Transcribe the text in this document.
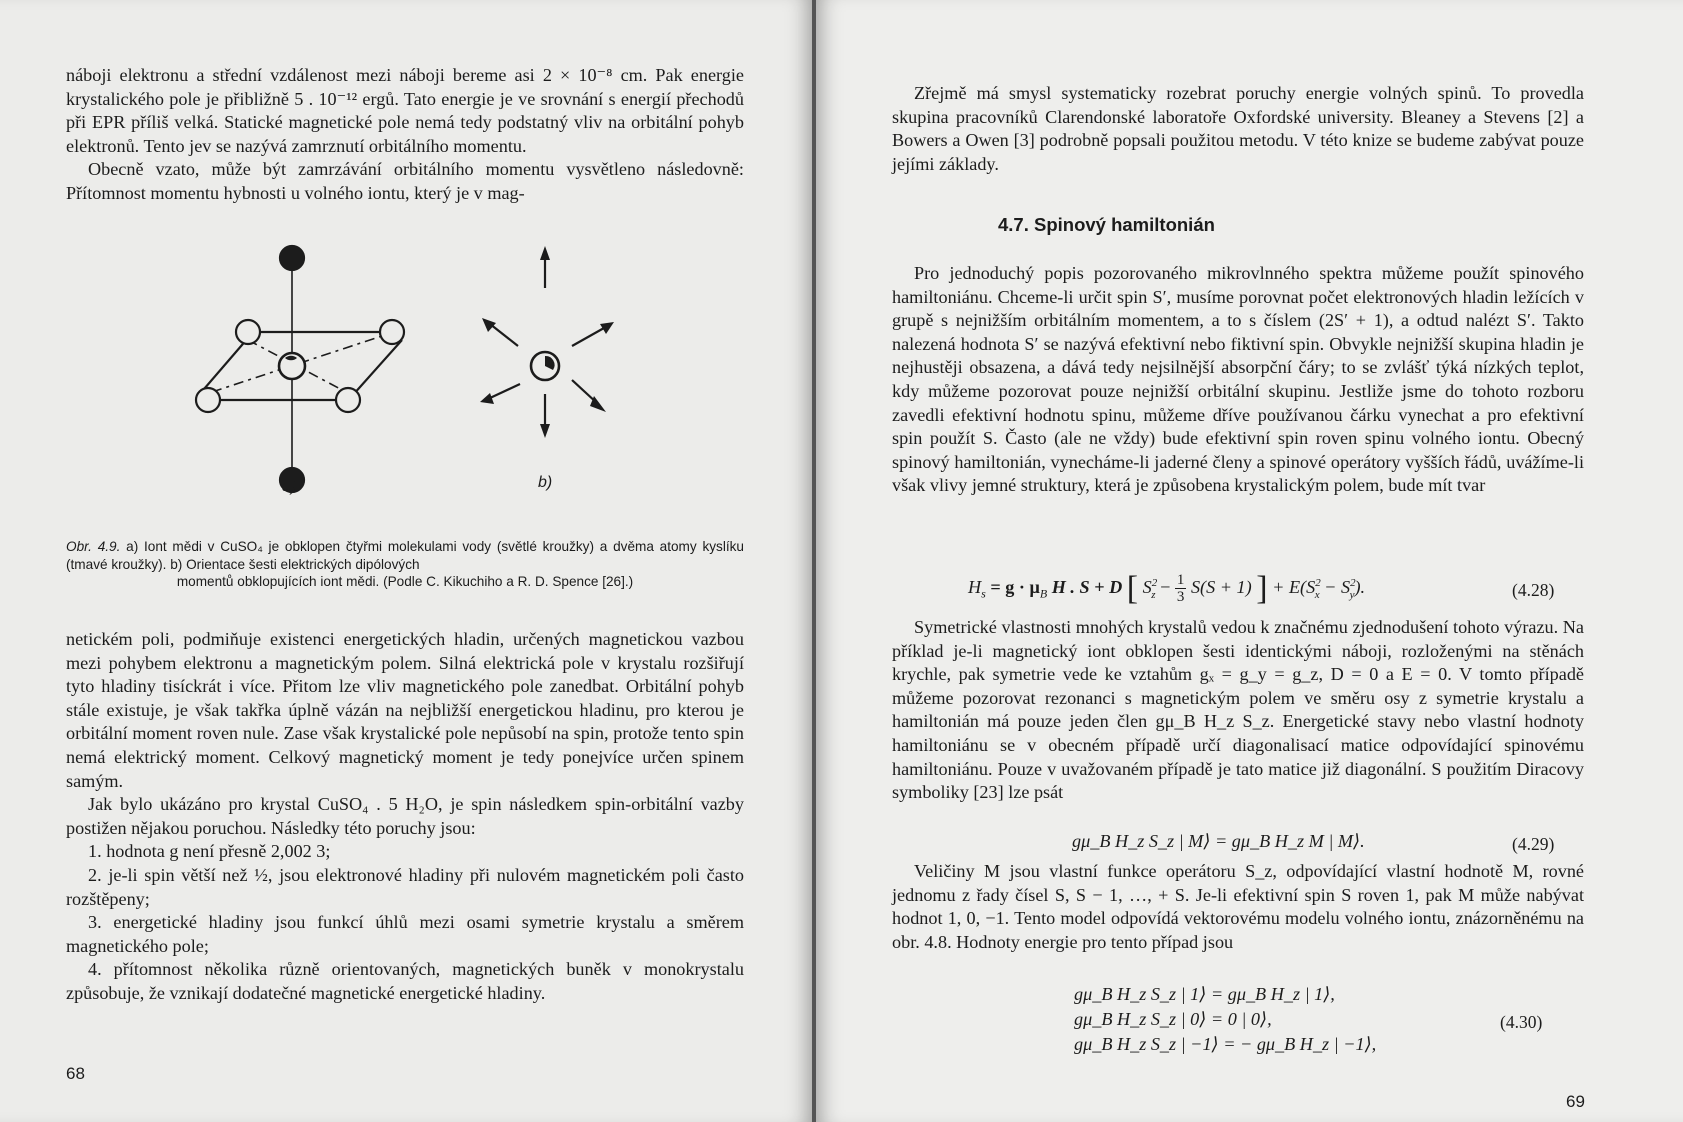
náboji elektronu a střední vzdálenost mezi náboji bereme asi 2 × 10⁻⁸ cm. Pak energie krystalického pole je přibližně 5 . 10⁻¹² ergů. Tato energie je ve srovnání s energií přechodů při EPR příliš velká. Statické magnetické pole nemá tedy podstatný vliv na orbitální pohyb elektronů. Tento jev se nazývá zamrznutí orbitálního momentu.

Obecně vzato, může být zamrzávání orbitálního momentu vysvětleno následovně: Přítomnost momentu hybnosti u volného iontu, který je v mag-

a)	b)
Obr. 4.9. a) Iont mědi v CuSO₄ je obklopen čtyřmi molekulami vody (světlé kroužky) a dvěma atomy kyslíku (tmavé kroužky). b) Orientace šesti elektrických dipólových
momentů obklopujících iont mědi. (Podle C. Kikuchiho a R. D. Spence [26].)

netickém poli, podmiňuje existenci energetických hladin, určených magnetickou vazbou mezi pohybem elektronu a magnetickým polem. Silná elektrická pole v krystalu rozšiřují tyto hladiny tisíckrát i více. Přitom lze vliv magnetického pole zanedbat. Orbitální pohyb stále existuje, je však takřka úplně vázán na nejbližší energetickou hladinu, pro kterou je orbitální moment roven nule. Zase však krystalické pole nepůsobí na spin, protože tento spin nemá elektrický moment. Celkový magnetický moment je tedy ponejvíce určen spinem samým.

Jak bylo ukázáno pro krystal CuSO₄ . 5 H₂O, je spin následkem spin-orbitální vazby postižen nějakou poruchou. Následky této poruchy jsou:

1. hodnota g není přesně 2,002 3;

2. je-li spin větší než ½, jsou elektronové hladiny při nulovém magnetickém poli často rozštěpeny;

3. energetické hladiny jsou funkcí úhlů mezi osami symetrie krystalu a směrem magnetického pole;

4. přítomnost několika různě orientovaných, magnetických buněk v monokrystalu způsobuje, že vznikají dodatečné magnetické energetické hladiny.

68

Zřejmě má smysl systematicky rozebrat poruchy energie volných spinů. To provedla skupina pracovníků Clarendonské laboratoře Oxfordské university. Bleaney a Stevens [2] a Bowers a Owen [3] podrobně popsali použitou metodu. V této knize se budeme zabývat pouze jejími základy.

4.7. Spinový hamiltonián

Pro jednoduchý popis pozorovaného mikrovlnného spektra můžeme použít spinového hamiltoniánu. Chceme-li určit spin S′, musíme porovnat počet elektronových hladin ležících v grupě s nejnižším orbitálním momentem, a to s číslem (2S′ + 1), a odtud nalézt S′. Takto nalezená hodnota S′ se nazývá efektivní nebo fiktivní spin. Obvykle nejnižší skupina hladin je nejhustěji obsazena, a dává tedy nejsilnější absorpční čáry; to se zvlášť týká nízkých teplot, kdy můžeme pozorovat pouze nejnižší orbitální skupinu. Jestliže jsme do tohoto rozboru zavedli efektivní hodnotu spinu, můžeme dříve používanou čárku vynechat a pro efektivní spin použít S. Často (ale ne vždy) bude efektivní spin roven spinu volného iontu. Obecný spinový hamiltonián, vynecháme-li jaderné členy a spinové operátory vyšších řádů, uvážíme-li však vlivy jemné struktury, která je způsobena krystalickým polem, bude mít tvar

$H_s = g \cdot \mu_B$ H . S + D [ $S^2_z - \frac{1}{3} S(S + 1)$ ] + $E(S^2_x - S^2_y)$.	(4.28)

Symetrické vlastnosti mnohých krystalů vedou k značnému zjednodušení tohoto výrazu. Na příklad je-li magnetický iont obklopen šesti identickými náboji, rozloženými na stěnách krychle, pak symetrie vede ke vztahům gₓ = g_y = g_z, D = 0 a E = 0. V tomto případě můžeme pozorovat rezonanci s magnetickým polem ve směru osy z symetrie krystalu a hamiltonián má pouze jeden člen gμ_B H_z S_z. Energetické stavy nebo vlastní hodnoty hamiltoniánu se v obecném případě určí diagonalisací matice odpovídající spinovému hamiltoniánu. Pouze v uvažovaném případě je tato matice již diagonální. S použitím Diracovy symboliky [23] lze psát

gμ_B H_z S_z | M⟩ = gμ_B H_z M | M⟩.	(4.29)

Veličiny M jsou vlastní funkce operátoru S_z, odpovídající vlastní hodnotě M, rovné jednomu z řady čísel S, S − 1, …, + S. Je-li efektivní spin S roven 1, pak M může nabývat hodnot 1, 0, −1. Tento model odpovídá vektorovému modelu volného iontu, znázorněnému na obr. 4.8. Hodnoty energie pro tento případ jsou

gμ_B H_z S_z | 1⟩ = gμ_B H_z | 1⟩,
gμ_B H_z S_z | 0⟩ = 0 | 0⟩,
gμ_B H_z S_z | −1⟩ = − gμ_B H_z | −1⟩,
(4.30)
69
